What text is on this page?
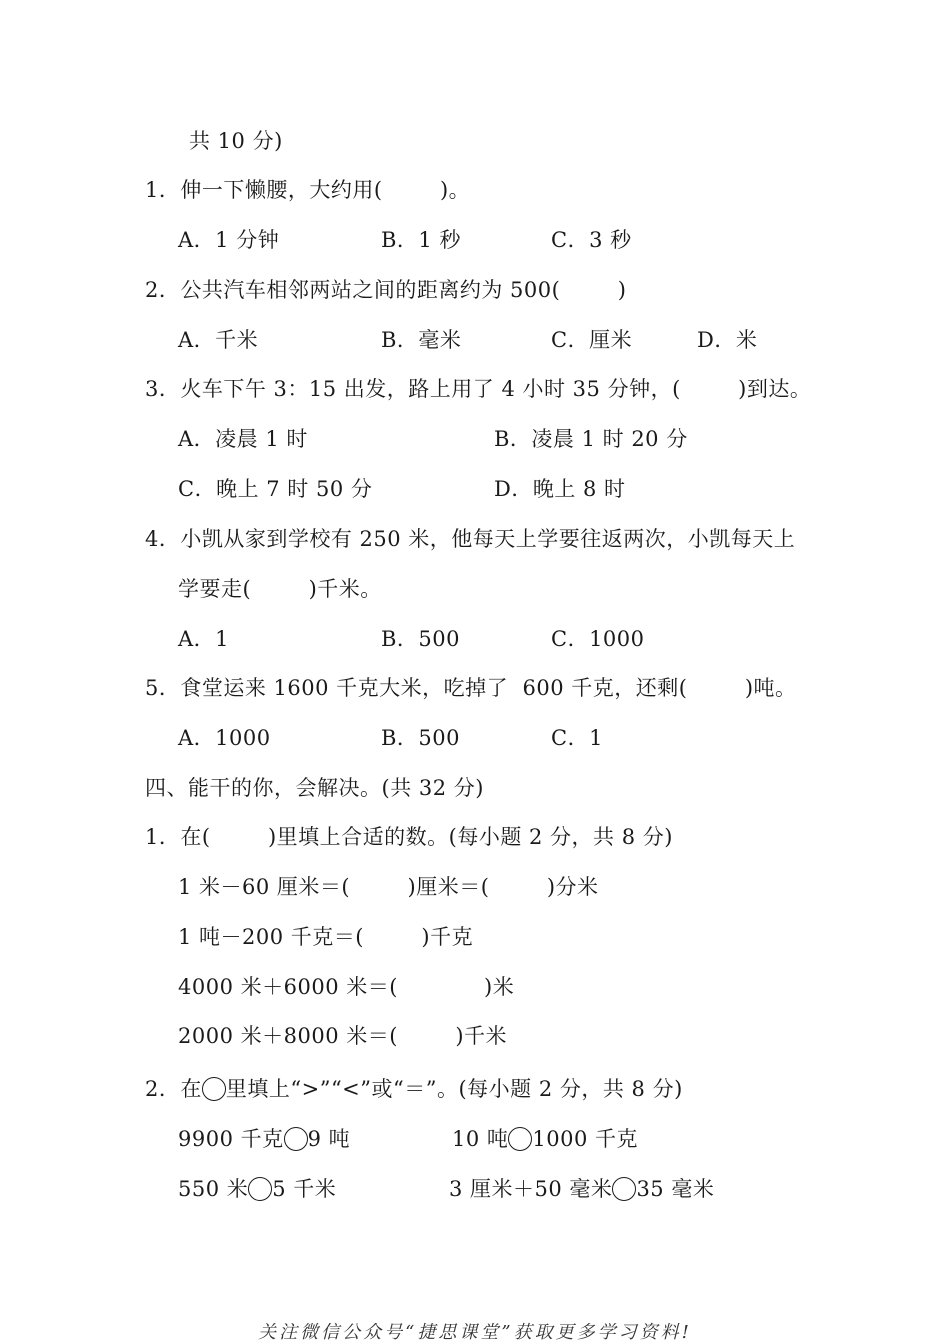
共 10 分)
1．伸一下懒腰，大约用(        )。
A．1 分钟	B．1 秒	C．3 秒
2．公共汽车相邻两站之间的距离约为 500(        )
A．千米	B．毫米	C．厘米	D．米
3．火车下午 3：15 出发，路上用了 4 小时 35 分钟，(        )到达。
A．凌晨 1 时	B．凌晨 1 时 20 分
C．晚上 7 时 50 分	D．晚上 8 时
4．小凯从家到学校有 250 米，他每天上学要往返两次，小凯每天上
学要走(        )千米。
A．1	B．500	C．1000
5．食堂运来 1600 千克大米，吃掉了  600 千克，还剩(        )吨。
A．1000	B．500	C．1
四、能干的你，会解决。(共 32 分)
1．在(        )里填上合适的数。(每小题 2 分，共 8 分)
1 米－60 厘米＝(        )厘米＝(        )分米
1 吨－200 千克＝(        )千克
4000 米＋6000 米＝(            )米
2000 米＋8000 米＝(        )千米
2．在 里填上“>”“<”或“＝”。(每小题 2 分，共 8 分)
9900 千克 9 吨	10 吨 1000 千克
550 米 5 千米	3 厘米＋50 毫米 35 毫米
关注微信公众号“捷思课堂”获取更多学习资料!
